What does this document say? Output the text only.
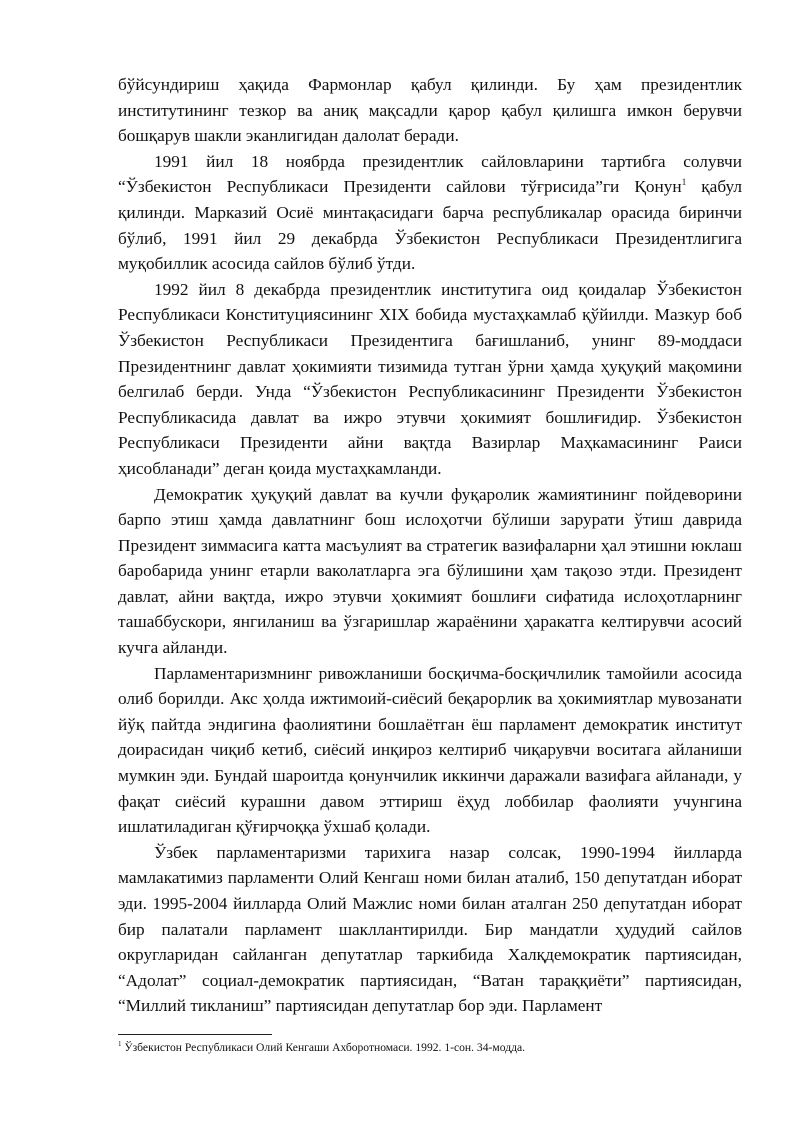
бўйсундириш ҳақида Фармонлар қабул қилинди. Бу ҳам президентлик институтининг тезкор ва аниқ мақсадли қарор қабул қилишга имкон берувчи бошқарув шакли эканлигидан далолат беради.

1991 йил 18 ноябрда президентлик сайловларини тартибга солувчи “Ўзбекистон Республикаси Президенти сайлови тўғрисида”ги Қонун$^1$ қабул қилинди. Марказий Осиё минтақасидаги барча республикалар орасида биринчи бўлиб, 1991 йил 29 декабрда Ўзбекистон Республикаси Президентлигига муқобиллик асосида сайлов бўлиб ўтди.

1992 йил 8 декабрда президентлик институтига оид қоидалар Ўзбекистон Республикаси Конституциясининг XIX бобида мустаҳкамлаб қўйилди. Мазкур боб Ўзбекистон Республикаси Президентига бағишланиб, унинг 89-моддаси Президентнинг давлат ҳокимияти тизимида тутган ўрни ҳамда ҳуқуқий мақомини белгилаб берди. Унда “Ўзбекистон Республикасининг Президенти Ўзбекистон Республикасида давлат ва ижро этувчи ҳокимият бошлиғидир. Ўзбекистон Республикаси Президенти айни вақтда Вазирлар Маҳкамасининг Раиси ҳисобланади” деган қоида мустаҳкамланди.

Демократик ҳуқуқий давлат ва кучли фуқаролик жамиятининг пойдеворини барпо этиш ҳамда давлатнинг бош ислоҳотчи бўлиши зарурати ўтиш даврида Президент зиммасига катта масъулият ва стратегик вазифаларни ҳал этишни юклаш баробарида унинг етарли ваколатларга эга бўлишини ҳам тақозо этди. Президент давлат, айни вақтда, ижро этувчи ҳокимият бошлиғи сифатида ислоҳотларнинг ташаббускори, янгиланиш ва ўзгаришлар жараёнини ҳаракатга келтирувчи асосий кучга айланди.

Парламентаризмнинг ривожланиши босқичма-босқичлилик тамойили асосида олиб борилди. Акс ҳолда ижтимоий-сиёсий беқарорлик ва ҳокимиятлар мувозанати йўқ пайтда эндигина фаолиятини бошлаётган ёш парламент демократик институт доирасидан чиқиб кетиб, сиёсий инқироз келтириб чиқарувчи воситага айланиши мумкин эди. Бундай шароитда қонунчилик иккинчи даражали вазифага айланади, у фақат сиёсий курашни давом эттириш ёҳуд лоббилар фаолияти учунгина ишлатиладиган қўғирчоққа ўхшаб қолади.

Ўзбек парламентаризми тарихига назар солсак, 1990-1994 йилларда мамлакатимиз парламенти Олий Кенгаш номи билан аталиб, 150 депутатдан иборат эди. 1995-2004 йилларда Олий Мажлис номи билан аталган 250 депутатдан иборат бир палатали парламент шакллантирилди. Бир мандатли ҳудудий сайлов округларидан сайланган депутатлар таркибида Халқдемократик партиясидан, “Адолат” социал-демократик партиясидан, “Ватан тараққиёти” партиясидан, “Миллий тикланиш” партиясидан депутатлар бор эди. Парламент

$^1$ Ўзбекистон Республикаси Олий Кенгаши Ахборотномаси. 1992. 1-сон. 34-модда.
